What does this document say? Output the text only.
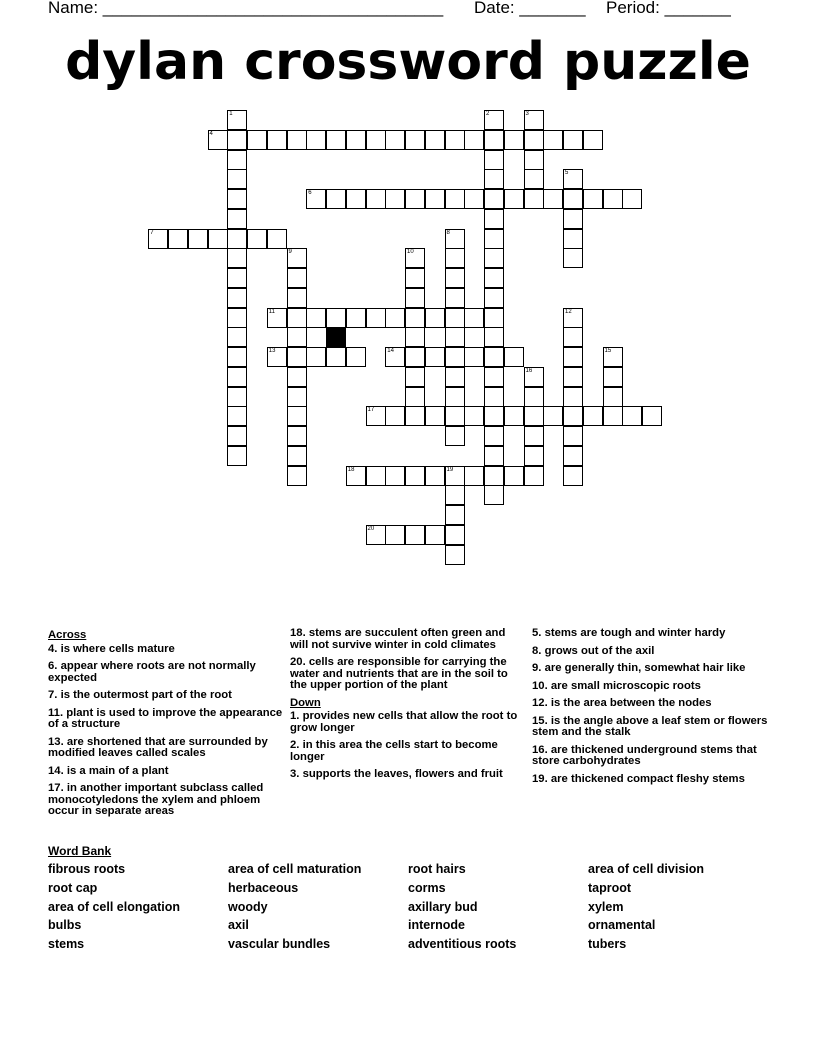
Name: ____________________________________ Date: _______ Period: _______
dylan crossword puzzle
4
6
7
11
13	14
17
18	19
20
1	2	3
5
8
9	10
12
15
16
Across
4. is where cells mature
6. appear where roots are not normally expected
7. is the outermost part of the root
11. plant is used to improve the appearance of a structure
13. are shortened that are surrounded by modified leaves called scales
14. is a main of a plant
17. in another important subclass called monocotyledons the xylem and phloem occur in separate areas
18. stems are succulent often green and will not survive winter in cold climates
20. cells are responsible for carrying the water and nutrients that are in the soil to the upper portion of the plant
Down
1. provides new cells that allow the root to grow longer
2. in this area the cells start to become longer
3. supports the leaves, flowers and fruit
5. stems are tough and winter hardy
8. grows out of the axil
9. are generally thin, somewhat hair like
10. are small microscopic roots
12. is the area between the nodes
15. is the angle above a leaf stem or flowers stem and the stalk
16. are thickened underground stems that store carbohydrates
19. are thickened compact fleshy stems
Word Bank
fibrous roots	area of cell maturation	root hairs	area of cell division
root cap	herbaceous	corms	taproot
area of cell elongation	woody	axillary bud	xylem
bulbs	axil	internode	ornamental
stems	vascular bundles	adventitious roots	tubers
